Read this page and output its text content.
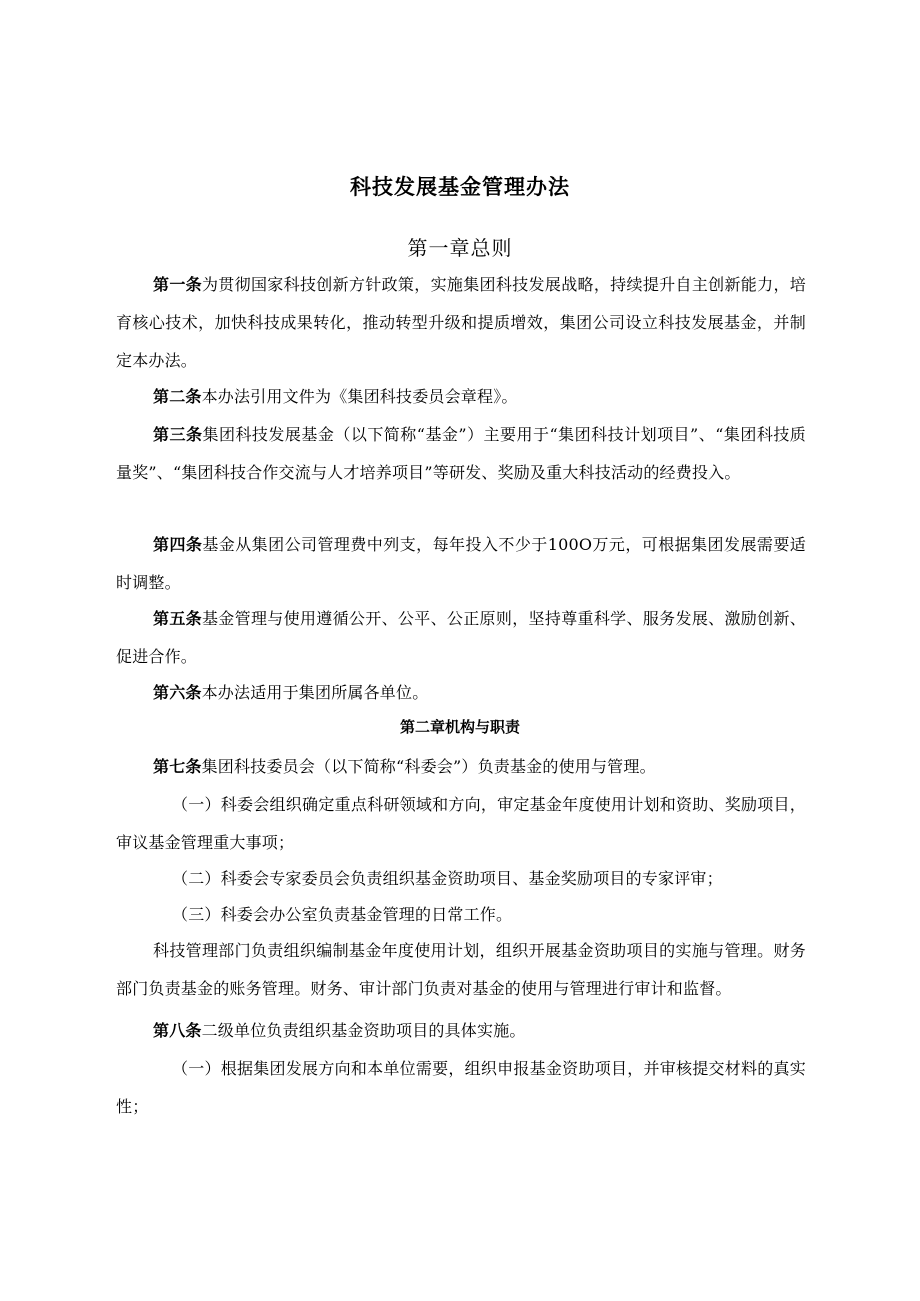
科技发展基金管理办法
第一章总则

第一条为贯彻国家科技创新方针政策，实施集团科技发展战略，持续提升自主创新能力，培育核心技术，加快科技成果转化，推动转型升级和提质增效，集团公司设立科技发展基金，并制定本办法。

第二条本办法引用文件为《集团科技委员会章程》。

第三条集团科技发展基金（以下简称“基金”）主要用于“集团科技计划项目”、“集团科技质量奖”、“集团科技合作交流与人才培养项目”等研发、奖励及重大科技活动的经费投入。

第四条基金从集团公司管理费中列支，每年投入不少于100O万元，可根据集团发展需要适时调整。

第五条基金管理与使用遵循公开、公平、公正原则，坚持尊重科学、服务发展、激励创新、促进合作。

第六条本办法适用于集团所属各单位。

第二章机构与职责

第七条集团科技委员会（以下简称“科委会”）负责基金的使用与管理。

（一）科委会组织确定重点科研领域和方向，审定基金年度使用计划和资助、奖励项目，审议基金管理重大事项；

（二）科委会专家委员会负责组织基金资助项目、基金奖励项目的专家评审；

（三）科委会办公室负责基金管理的日常工作。

科技管理部门负责组织编制基金年度使用计划，组织开展基金资助项目的实施与管理。财务部门负责基金的账务管理。财务、审计部门负责对基金的使用与管理进行审计和监督。

第八条二级单位负责组织基金资助项目的具体实施。

（一）根据集团发展方向和本单位需要，组织申报基金资助项目，并审核提交材料的真实性；
